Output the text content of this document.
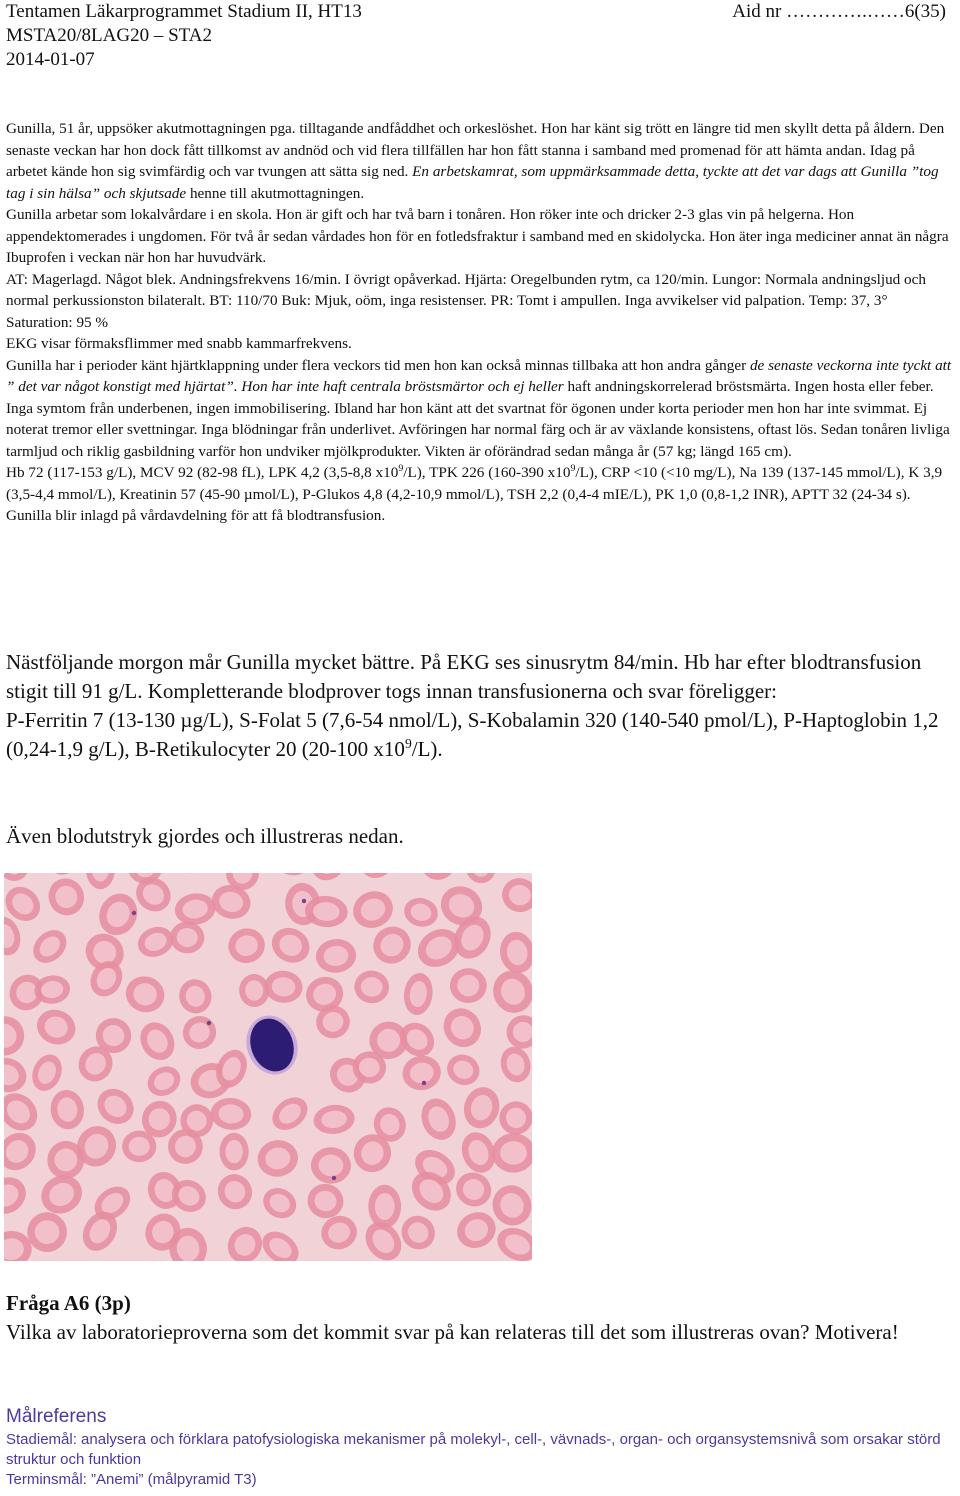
Tentamen Läkarprogrammet Stadium II, HT13	Aid nr ………….……6(35)
MSTA20/8LAG20 – STA2
2014-01-07

Gunilla, 51 år, uppsöker akutmottagningen pga. tilltagande andfåddhet och orkeslöshet. Hon har känt sig trött en längre tid men skyllt detta på åldern. Den senaste veckan har hon dock fått tillkomst av andnöd och vid flera tillfällen har hon fått stanna i samband med promenad för att hämta andan. Idag på arbetet kände hon sig svimfärdig och var tvungen att sätta sig ned. En arbetskamrat, som uppmärksammade detta, tyckte att det var dags att Gunilla ”tog tag i sin hälsa” och skjutsade henne till akutmottagningen.

Gunilla arbetar som lokalvårdare i en skola. Hon är gift och har två barn i tonåren. Hon röker inte och dricker 2-3 glas vin på helgerna. Hon appendektomerades i ungdomen. För två år sedan vårdades hon för en fotledsfraktur i samband med en skidolycka. Hon äter inga mediciner annat än några Ibuprofen i veckan när hon har huvudvärk.

AT: Magerlagd. Något blek. Andningsfrekvens 16/min. I övrigt opåverkad. Hjärta: Oregelbunden rytm, ca 120/min. Lungor: Normala andningsljud och normal perkussionston bilateralt. BT: 110/70 Buk: Mjuk, oöm, inga resistenser. PR: Tomt i ampullen. Inga avvikelser vid palpation. Temp: 37, 3° Saturation: 95 %

EKG visar förmaksflimmer med snabb kammarfrekvens.

Gunilla har i perioder känt hjärtklappning under flera veckors tid men hon kan också minnas tillbaka att hon andra gånger de senaste veckorna inte tyckt att ” det var något konstigt med hjärtat”. Hon har inte haft centrala bröstsmärtor och ej heller haft andningskorrelerad bröstsmärta. Ingen hosta eller feber. Inga symtom från underbenen, ingen immobilisering. Ibland har hon känt att det svartnat för ögonen under korta perioder men hon har inte svimmat. Ej noterat tremor eller svettningar. Inga blödningar från underlivet. Avföringen har normal färg och är av växlande konsistens, oftast lös. Sedan tonåren livliga tarmljud och riklig gasbildning varför hon undviker mjölkprodukter. Vikten är oförändrad sedan många år (57 kg; längd 165 cm).

Hb 72 (117-153 g/L), MCV 92 (82-98 fL), LPK 4,2 (3,5-8,8 $x10^9/L$), TPK 226 (160-390 $x10^9/L$), CRP <10 (<10 mg/L), Na 139 (137-145 mmol/L), K 3,9 (3,5-4,4 mmol/L), Kreatinin 57 (45-90 µmol/L), P-Glukos 4,8 (4,2-10,9 mmol/L), TSH 2,2 (0,4-4 mIE/L), PK 1,0 (0,8-1,2 INR), APTT 32 (24-34 s).

Gunilla blir inlagd på vårdavdelning för att få blodtransfusion.

Nästföljande morgon mår Gunilla mycket bättre. På EKG ses sinusrytm 84/min. Hb har efter blodtransfusion stigit till 91 g/L. Kompletterande blodprover togs innan transfusionerna och svar föreligger:

P-Ferritin 7 (13-130 µg/L), S-Folat 5 (7,6-54 nmol/L), S-Kobalamin 320 (140-540 pmol/L), P-Haptoglobin 1,2 (0,24-1,9 g/L), B-Retikulocyter 20 (20-100 $x10^9/L$).

Även blodutstryk gjordes och illustreras nedan.

Fråga A6 (3p)

Vilka av laboratorieproverna som det kommit svar på kan relateras till det som illustreras ovan? Motivera!

Målreferens

Stadiemål: analysera och förklara patofysiologiska mekanismer på molekyl-, cell-, vävnads-, organ- och organsystemsnivå som orsakar störd struktur och funktion

Terminsmål: ”Anemi” (målpyramid T3)
